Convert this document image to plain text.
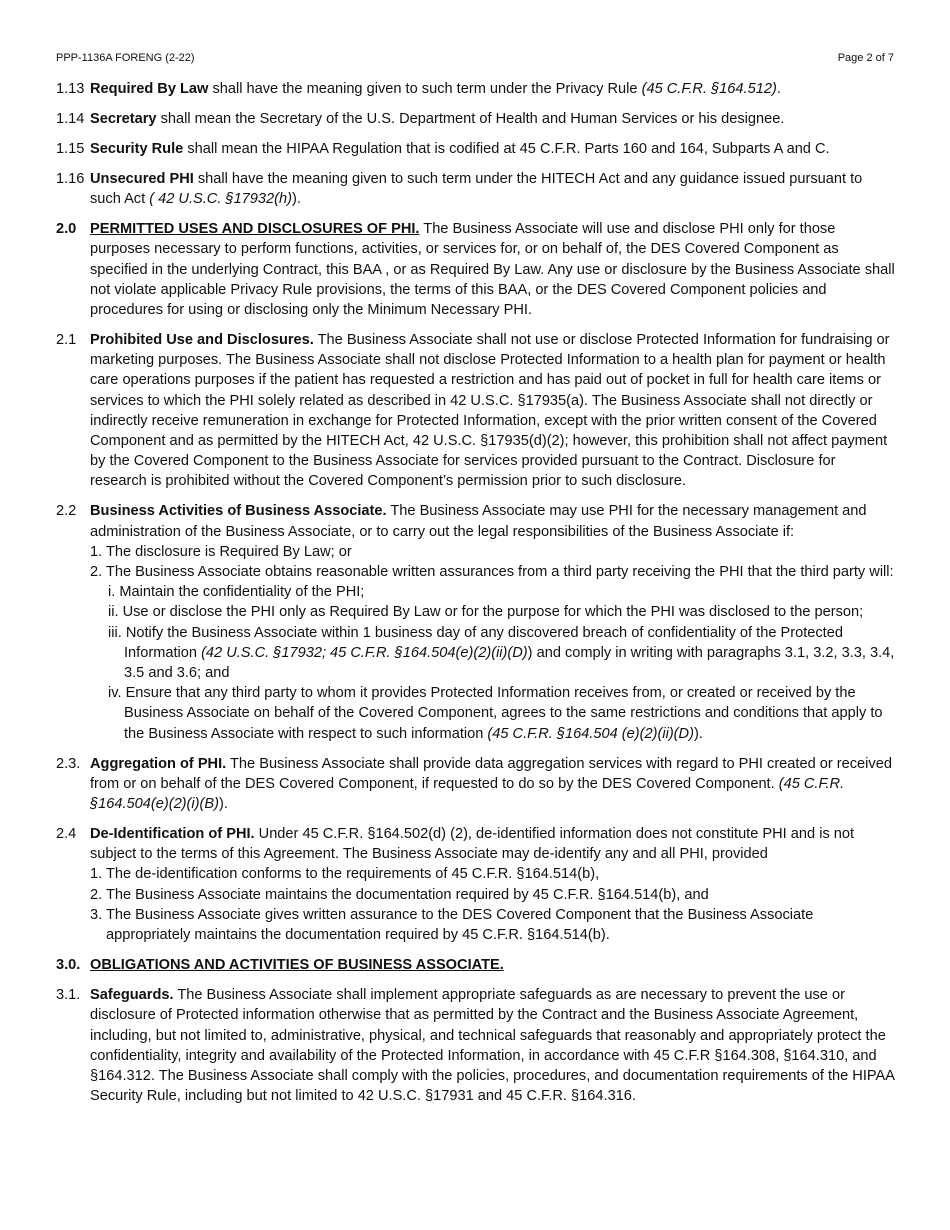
PPP-1136A FORENG (2-22)	Page 2 of 7
1.13 Required By Law shall have the meaning given to such term under the Privacy Rule (45 C.F.R. §164.512).
1.14 Secretary shall mean the Secretary of the U.S. Department of Health and Human Services or his designee.
1.15 Security Rule shall mean the HIPAA Regulation that is codified at 45 C.F.R. Parts 160 and 164, Subparts A and C.
1.16 Unsecured PHI shall have the meaning given to such term under the HITECH Act and any guidance issued pursuant to such Act ( 42 U.S.C. §17932(h)).
2.0 PERMITTED USES AND DISCLOSURES OF PHI. The Business Associate will use and disclose PHI only for those purposes necessary to perform functions, activities, or services for, or on behalf of, the DES Covered Component as specified in the underlying Contract, this BAA , or as Required By Law. Any use or disclosure by the Business Associate shall not violate applicable Privacy Rule provisions, the terms of this BAA, or the DES Covered Component policies and procedures for using or disclosing only the Minimum Necessary PHI.
2.1 Prohibited Use and Disclosures. The Business Associate shall not use or disclose Protected Information for fundraising or marketing purposes. The Business Associate shall not disclose Protected Information to a health plan for payment or health care operations purposes if the patient has requested a restriction and has paid out of pocket in full for health care items or services to which the PHI solely related as described in 42 U.S.C. §17935(a). The Business Associate shall not directly or indirectly receive remuneration in exchange for Protected Information, except with the prior written consent of the Covered Component and as permitted by the HITECH Act, 42 U.S.C. §17935(d)(2); however, this prohibition shall not affect payment by the Covered Component to the Business Associate for services provided pursuant to the Contract. Disclosure for research is prohibited without the Covered Component’s permission prior to such disclosure.
2.2 Business Activities of Business Associate. The Business Associate may use PHI for the necessary management and administration of the Business Associate, or to carry out the legal responsibilities of the Business Associate if:
1. The disclosure is Required By Law; or
2. The Business Associate obtains reasonable written assurances from a third party receiving the PHI that the third party will:
i. Maintain the confidentiality of the PHI;
ii. Use or disclose the PHI only as Required By Law or for the purpose for which the PHI was disclosed to the person;
iii. Notify the Business Associate within 1 business day of any discovered breach of confidentiality of the Protected Information (42 U.S.C. §17932; 45 C.F.R. §164.504(e)(2)(ii)(D)) and comply in writing with paragraphs 3.1, 3.2, 3.3, 3.4, 3.5 and 3.6; and
iv. Ensure that any third party to whom it provides Protected Information receives from, or created or received by the Business Associate on behalf of the Covered Component, agrees to the same restrictions and conditions that apply to the Business Associate with respect to such information (45 C.F.R. §164.504 (e)(2)(ii)(D)).
2.3. Aggregation of PHI. The Business Associate shall provide data aggregation services with regard to PHI created or received from or on behalf of the DES Covered Component, if requested to do so by the DES Covered Component. (45 C.F.R. §164.504(e)(2)(i)(B)).
2.4 De-Identification of PHI. Under 45 C.F.R. §164.502(d) (2), de-identified information does not constitute PHI and is not subject to the terms of this Agreement. The Business Associate may de-identify any and all PHI, provided
1. The de-identification conforms to the requirements of 45 C.F.R. §164.514(b),
2. The Business Associate maintains the documentation required by 45 C.F.R. §164.514(b), and
3. The Business Associate gives written assurance to the DES Covered Component that the Business Associate appropriately maintains the documentation required by 45 C.F.R. §164.514(b).
3.0. OBLIGATIONS AND ACTIVITIES OF BUSINESS ASSOCIATE.
3.1. Safeguards. The Business Associate shall implement appropriate safeguards as are necessary to prevent the use or disclosure of Protected information otherwise that as permitted by the Contract and the Business Associate Agreement, including, but not limited to, administrative, physical, and technical safeguards that reasonably and appropriately protect the confidentiality, integrity and availability of the Protected Information, in accordance with 45 C.F.R §164.308, §164.310, and §164.312. The Business Associate shall comply with the policies, procedures, and documentation requirements of the HIPAA Security Rule, including but not limited to 42 U.S.C. §17931 and 45 C.F.R. §164.316.
